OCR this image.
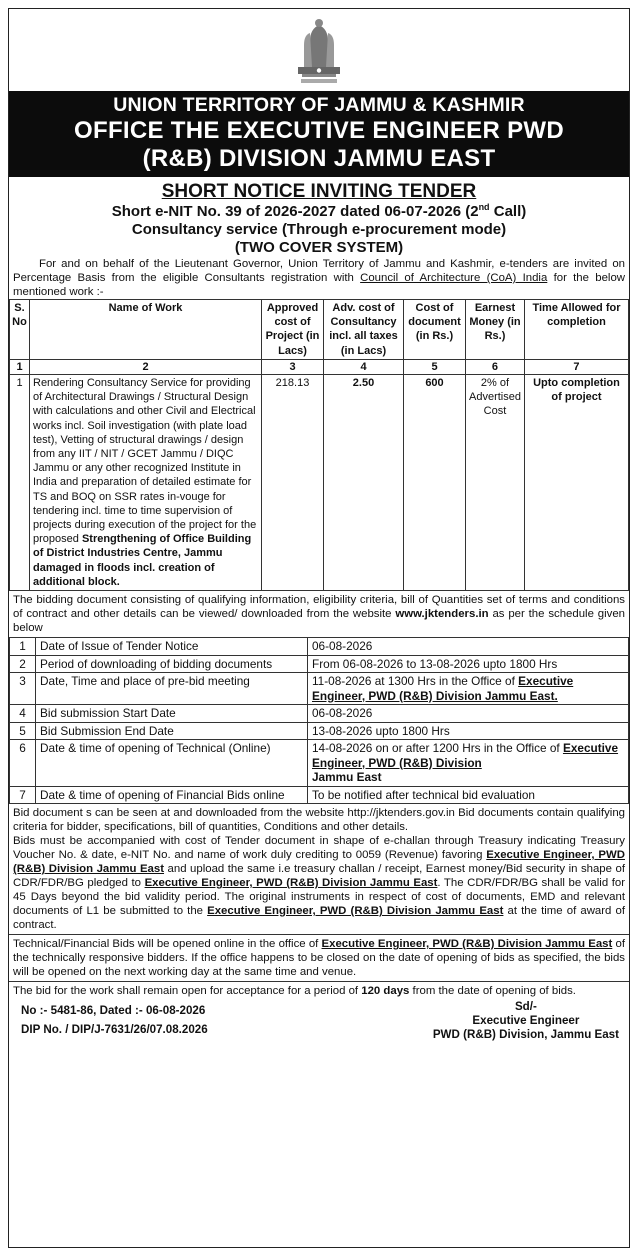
UNION TERRITORY OF JAMMU & KASHMIR
OFFICE THE EXECUTIVE ENGINEER PWD
(R&B) DIVISION JAMMU EAST
SHORT NOTICE INVITING TENDER
Short e-NIT No. 39 of 2026-2027 dated 06-07-2026 (2nd Call)
Consultancy service (Through e-procurement mode)
(TWO COVER SYSTEM)
For and on behalf of the Lieutenant Governor, Union Territory of Jammu and Kashmir, e-tenders are invited on Percentage Basis from the eligible Consultants registration with Council of Architecture (CoA) India for the below mentioned work :-
S. No	Name of Work	Approved cost of Project (in Lacs)	Adv. cost of Consultancy incl. all taxes (in Lacs)	Cost of document (in Rs.)	Earnest Money (in Rs.)	Time Allowed for completion
1	2	3	4	5	6	7
1	Rendering Consultancy Service for providing of Architectural Drawings / Structural Design with calculations and other Civil and Electrical works incl. Soil investigation (with plate load test), Vetting of structural drawings / design from any IIT / NIT / GCET Jammu / DIQC Jammu or any other recognized Institute in India and preparation of detailed estimate for TS and BOQ on SSR rates in-vouge for tendering incl. time to time supervision of projects during execution of the project for the proposed Strengthening of Office Building of District Industries Centre, Jammu damaged in floods incl. creation of additional block.	218.13	2.50	600	2% of Advertised Cost	Upto completion of project
The bidding document consisting of qualifying information, eligibility criteria, bill of Quantities set of terms and conditions of contract and other details can be viewed/ downloaded from the website www.jktenders.in as per the schedule given below
1	Date of Issue of Tender Notice	06-08-2026
2	Period of downloading of bidding documents	From 06-08-2026 to 13-08-2026 upto 1800 Hrs
3	Date, Time and place of pre-bid meeting	11-08-2026 at 1300 Hrs in the Office of Executive Engineer, PWD (R&B) Division Jammu East.
4	Bid submission Start Date	06-08-2026
5	Bid Submission End Date	13-08-2026 upto 1800 Hrs
6	Date & time of opening of Technical (Online)	14-08-2026 on or after 1200 Hrs in the Office of Executive Engineer, PWD (R&B) Division
Jammu East
7	Date & time of opening of Financial Bids online	To be notified after technical bid evaluation
Bid document s can be seen at and downloaded from the website http://jktenders.gov.in Bid documents contain qualifying criteria for bidder, specifications, bill of quantities, Conditions and other details.
Bids must be accompanied with cost of Tender document in shape of e-challan through Treasury indicating Treasury Voucher No. & date, e-NIT No. and name of work duly crediting to 0059 (Revenue) favoring Executive Engineer, PWD (R&B) Division Jammu East and upload the same i.e treasury challan / receipt, Earnest money/Bid security in shape of CDR/FDR/BG pledged to Executive Engineer, PWD (R&B) Division Jammu East. The CDR/FDR/BG shall be valid for 45 Days beyond the bid validity period. The original instruments in respect of cost of documents, EMD and relevant documents of L1 be submitted to the Executive Engineer, PWD (R&B) Division Jammu East at the time of award of contract.
Technical/Financial Bids will be opened online in the office of Executive Engineer, PWD (R&B) Division Jammu East of the technically responsive bidders. If the office happens to be closed on the date of opening of bids as specified, the bids will be opened on the next working day at the same time and venue.
The bid for the work shall remain open for acceptance for a period of 120 days from the date of opening of bids.
No :- 5481-86, Dated :- 06-08-2026
DIP No. / DIP/J-7631/26/07.08.2026
Sd/-
Executive Engineer
PWD (R&B) Division, Jammu East
